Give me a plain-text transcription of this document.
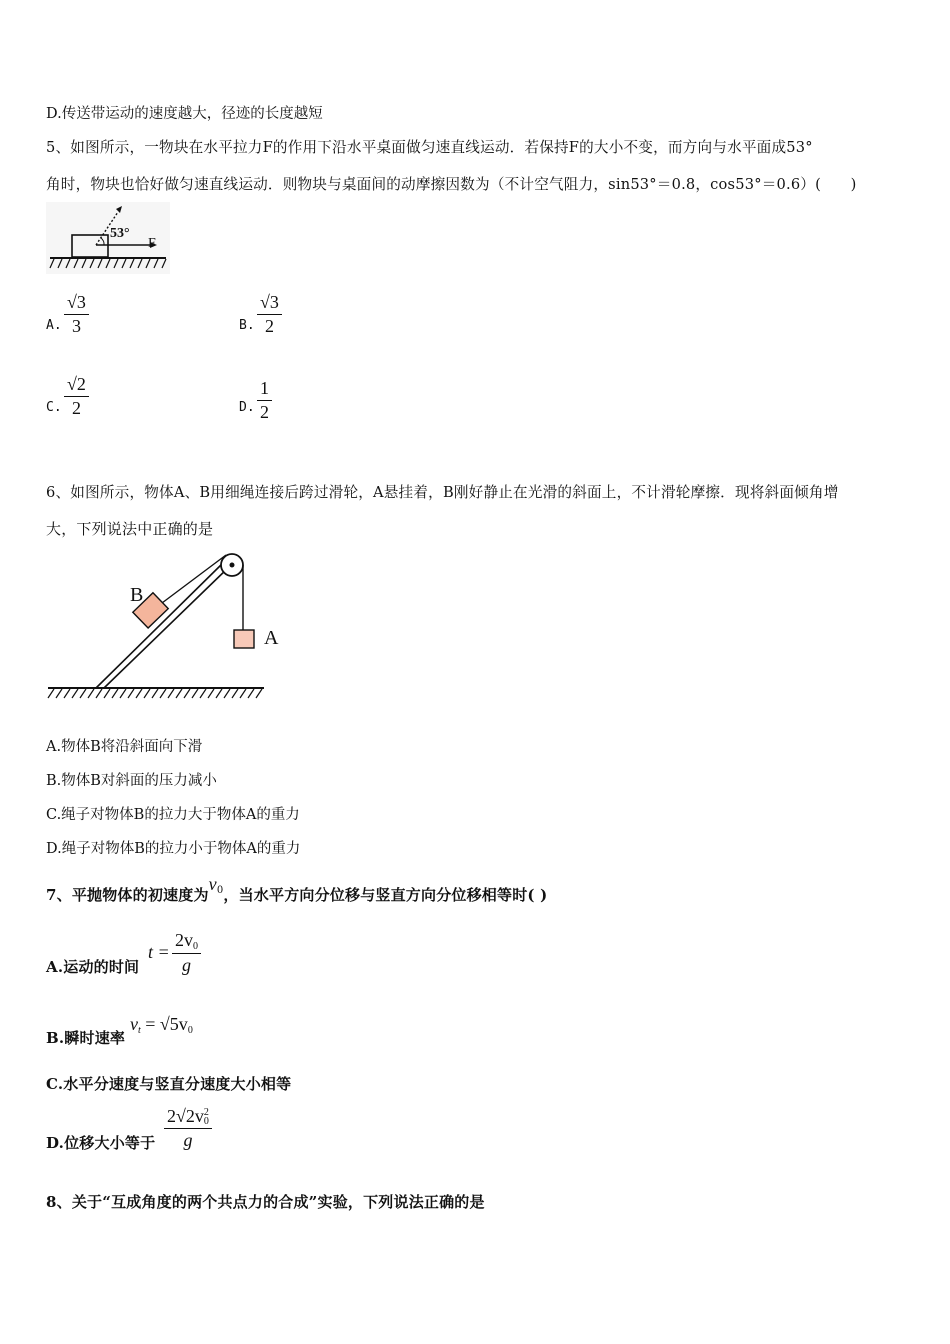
D.传送带运动的速度越大，径迹的长度越短
5、如图所示，一物块在水平拉力F的作用下沿水平桌面做匀速直线运动．若保持F的大小不变，而方向与水平面成53°
角时，物块也恰好做匀速直线运动．则物块与桌面间的动摩擦因数为（不计空气阻力，sin53°＝0.8，cos53°＝0.6）(　　)
53°
F
A.
√3
3	B.
√3
2
C.
√2
2	D.
1
2
6、如图所示，物体A、B用细绳连接后跨过滑轮，A悬挂着，B刚好静止在光滑的斜面上，不计滑轮摩擦．现将斜面倾角增
大，下列说法中正确的是
B
A
A.物体B将沿斜面向下滑
B.物体B对斜面的压力减小
C.绳子对物体B的拉力大于物体A的重力
D.绳子对物体B的拉力小于物体A的重力
7、平抛物体的初速度为$v^0$，当水平方向分位移与竖直方向分位移相等时( )
A.运动的时间
t =
$2v_0$
g
B.瞬时速率
$v_t = √5v_0$
C.水平分速度与竖直分速度大小相等
D.位移大小等于
2√2v 2
0
g
8、关于“互成角度的两个共点力的合成”实验，下列说法正确的是
